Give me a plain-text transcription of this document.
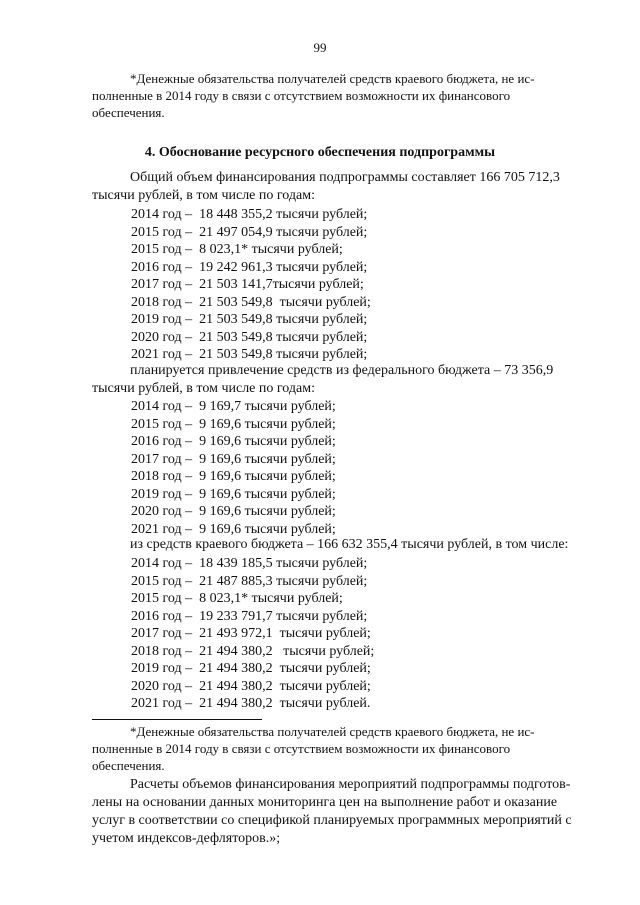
99
*Денежные обязательства получателей средств краевого бюджета, не ис-
полненные в 2014 году в связи с отсутствием возможности их финансового
обеспечения.
4. Обоснование ресурсного обеспечения подпрограммы
Общий объем финансирования подпрограммы составляет 166 705 712,3
тысячи рублей, в том числе по годам:
2014 год –  18 448 355,2 тысячи рублей;
2015 год –  21 497 054,9 тысячи рублей;
2015 год –  8 023,1* тысячи рублей;
2016 год –  19 242 961,3 тысячи рублей;
2017 год –  21 503 141,7тысячи рублей;
2018 год –  21 503 549,8  тысячи рублей;
2019 год –  21 503 549,8 тысячи рублей;
2020 год –  21 503 549,8 тысячи рублей;
2021 год –  21 503 549,8 тысячи рублей;
планируется привлечение средств из федерального бюджета – 73 356,9
тысячи рублей, в том числе по годам:
2014 год –  9 169,7 тысячи рублей;
2015 год –  9 169,6 тысячи рублей;
2016 год –  9 169,6 тысячи рублей;
2017 год –  9 169,6 тысячи рублей;
2018 год –  9 169,6 тысячи рублей;
2019 год –  9 169,6 тысячи рублей;
2020 год –  9 169,6 тысячи рублей;
2021 год –  9 169,6 тысячи рублей;
из средств краевого бюджета – 166 632 355,4 тысячи рублей, в том числе:
2014 год –  18 439 185,5 тысячи рублей;
2015 год –  21 487 885,3 тысячи рублей;
2015 год –  8 023,1* тысячи рублей;
2016 год –  19 233 791,7 тысячи рублей;
2017 год –  21 493 972,1  тысячи рублей;
2018 год –  21 494 380,2   тысячи рублей;
2019 год –  21 494 380,2  тысячи рублей;
2020 год –  21 494 380,2  тысячи рублей;
2021 год –  21 494 380,2  тысячи рублей.
*Денежные обязательства получателей средств краевого бюджета, не ис-
полненные в 2014 году в связи с отсутствием возможности их финансового
обеспечения.
Расчеты объемов финансирования мероприятий подпрограммы подготов-
лены на основании данных мониторинга цен на выполнение работ и оказание
услуг в соответствии со спецификой планируемых программных мероприятий с
учетом индексов-дефляторов.»;
